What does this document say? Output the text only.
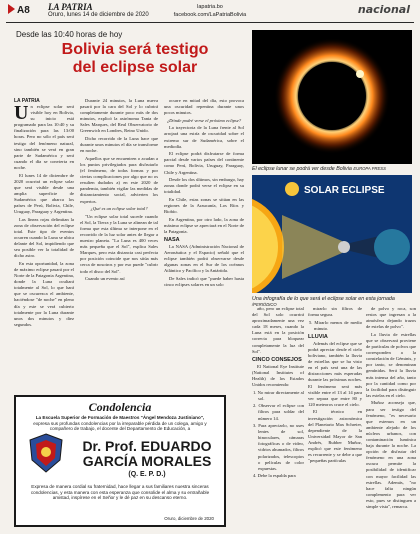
A8 LA PATRIA
Oruro, lunes 14 de diciembre de 2020
lapatria.bo
facebook.com/LaPatriaBolivia	nacional
Desde las 10:40 horas de hoy
Bolivia será testigo
del eclipse solar
LA PATRIA

Un eclipse solar será visible hoy en Bolivia, su inicio está programado para las 10:40 y su finalización para las 13:00 horas. Pero no sólo el país será testigo del fenómeno natural, sino también se verá en gran parte de Sudamérica y será cuando el día se convierta en noche.

El lunes 14 de diciembre de 2020 ocurrirá un eclipse solar que será visible desde una amplia superficie de Sudamérica que abarca los países de Perú, Bolivia, Chile, Uruguay, Paraguay y Argentina.

Las líneas rojas delimitan la zona de observación del eclipse total. Este tipo de eventos ocurren cuando la Luna se ubica delante del Sol, impidiendo que sea posible ver la totalidad de dicho astro.

En esta oportunidad, la zona de máximo eclipse pasará por el Norte de la Patagonia Argentina, donde la Luna ocultará totalmente al Sol, lo que hará que se oscurezca el ambiente, haciéndose "de noche" en pleno día y este se verá cubierto totalmente por la Luna durante unos dos minutos y diez segundos.

Durante 24 minutos, la Luna nueva pasará por la cara del Sol y lo cubrirá completamente durante poco más de dos minutos, explicó la astrónoma Tania de Sales Marques, del Real Observatorio de Greenwich en Londres, Reino Unido.

Dicho recorrido de la Luna hace que durante unos minutos el día se transforme en noche.

Aquellos que se encuentren o acudan a los puntos privilegiados para disfrutarlo (el fenómeno, de todas formas y por ciertas complicaciones por algo que no os resulten dudados a) en este 2020 de pandemia, también vigilar las medidas de distanciamiento social, advierten los expertos.

¿Qué es un eclipse solar total?

"Un eclipse solar total sucede cuando el Sol, la Tierra y la Luna se alinean de tal forma que esta última se interpone en el recorrido de la luz solar antes de llegar a nuestro planeta. "La Luna es 400 veces más pequeña que el Sol", explica Sales Marques, pero esta distancia casi perfecta por posición coincide que nos sitúa más cerca de nosotros y por eso puede "cubrir todo el disco del Sol".

Cuando un evento así

ocurre en mitad del día, esto provoca una oscuridad repentina durante unos pocos minutos.

¿Dónde podré verse el próximo eclipse?

La trayectoria de la Luna frente al Sol arrojará una estría de oscuridad sobre el extremo sur de Sudamérica, sobre el mediodía.

El eclipse podrá disfrutarse de forma parcial desde varios países del continente como Perú, Bolivia, Uruguay, Paraguay, Chile y Argentina.

Desde los dos últimos, sin embargo, hay zonas donde podrá verse el eclipse en su totalidad.

En Chile, estas zonas se sitúan en las regiones de la Araucanía, Los Ríos y Biobío.

En Argentina, por otro lado, la zona de máximo eclipse se apreciará en el Norte de la Patagonia.

NASA

La NASA (Administración Nacional de Aeronáutica y el Espacio) señaló que el eclipse también podrá observarse desde algunas zonas en el Sur de los océanos Atlántico y Pacífico y la Antártida.

De Sales indicó que "puede haber hasta cinco eclipses solares en un solo

El eclipse lunar se podrá ver desde Bolivia EUROPA PRESS
SOLAR ECLIPSE
Una infografía de lo que será el eclipse solar en esta jornada /PERIÓDICO

año, pero un eclipse total del Sol solo ocurrirá aproximadamente una vez cada 18 meses, cuando la Luna está en la posición correcta para bloquear completamente la luz del Sol".

CINCO CONSEJOS

El National Eye Institute (National Institutes of Health) de los Estados Unidos recomienda:

1. No mirar directamente al sol.

2. Observar el eclipse con filtros para soldar del número 14.

3. Para apreciarlo, no uses lentes de sol, binoculares, cámaras fotográficas o de video, vidrios ahumados, filtros polarizados, telescopios o películas de color expuestas.

4. Debe la espalda para

mirarlo sin filtros de forma segura.

5. Mirarlo menos de medio minuto.

LLUVIA

Además del eclipse que se podrá apreciar desde el cielo boliviano, también la lluvia de estrellas que se ha visto en el país será una de las distracciones más esperadas durante las próximas noches. El fenómeno será más visible entre el 13 al 14 para ver separa que entre 80 y 120 meteoros cruce el cielo.

El técnico en investigación astronómica del Planetario Max Schreier, dependiente de la Universidad Mayor de San Andrés, Rubber Muñoz, explicó que este fenómeno es recurrente y se debe a que "pequeñas partículas

de polvo y roca, son restos que ingresan a la atmósfera dejando trazos de estelas de polvo".

La lluvia de estrellas que se observará proviene de partículas de polvos que corresponden a la constelación de Géminis, y por tanto, se denominan gemínidas. Será la lluvia más intensa del año, tanto por la cantidad como por la facilidad para distinguir las estelas en el cielo.

Muñoz aconseja que, para ser testigo del fenómeno, "es necesario que estemos en un ambiente alejado de los núcleos urbanos, con contaminación lumínica baja durante la noche. La opción de disfrutar del fenómeno en una zona oscura permite la posibilidad de identificar con mayor facilidad las estrellas. Además, "no hace falta ningún complemento para ver esto, pues se distinguen a simple vista", remarca.

Condolencia
La Escuela Superior de Formación de Maestros "Ángel Mendoza Justiniano",
expresa sus profundas condolencias por la irreparable pérdida de un colega, amigo y compañero de trabajo, el docente del Departamento de Educación, a
Dr. Prof. EDUARDO
GARCÍA MORALES
(Q. E. P. D.)
Expresa de manera cordial su fraternidad, hace llegar a sus familiares nuestra sinceras condolencias, y esta manera con esta esperanza que consolide el alma y su entrañable amistad, inspírese en el Señor y le dé paz en su descanso eterno.
Oruro, diciembre de 2020
